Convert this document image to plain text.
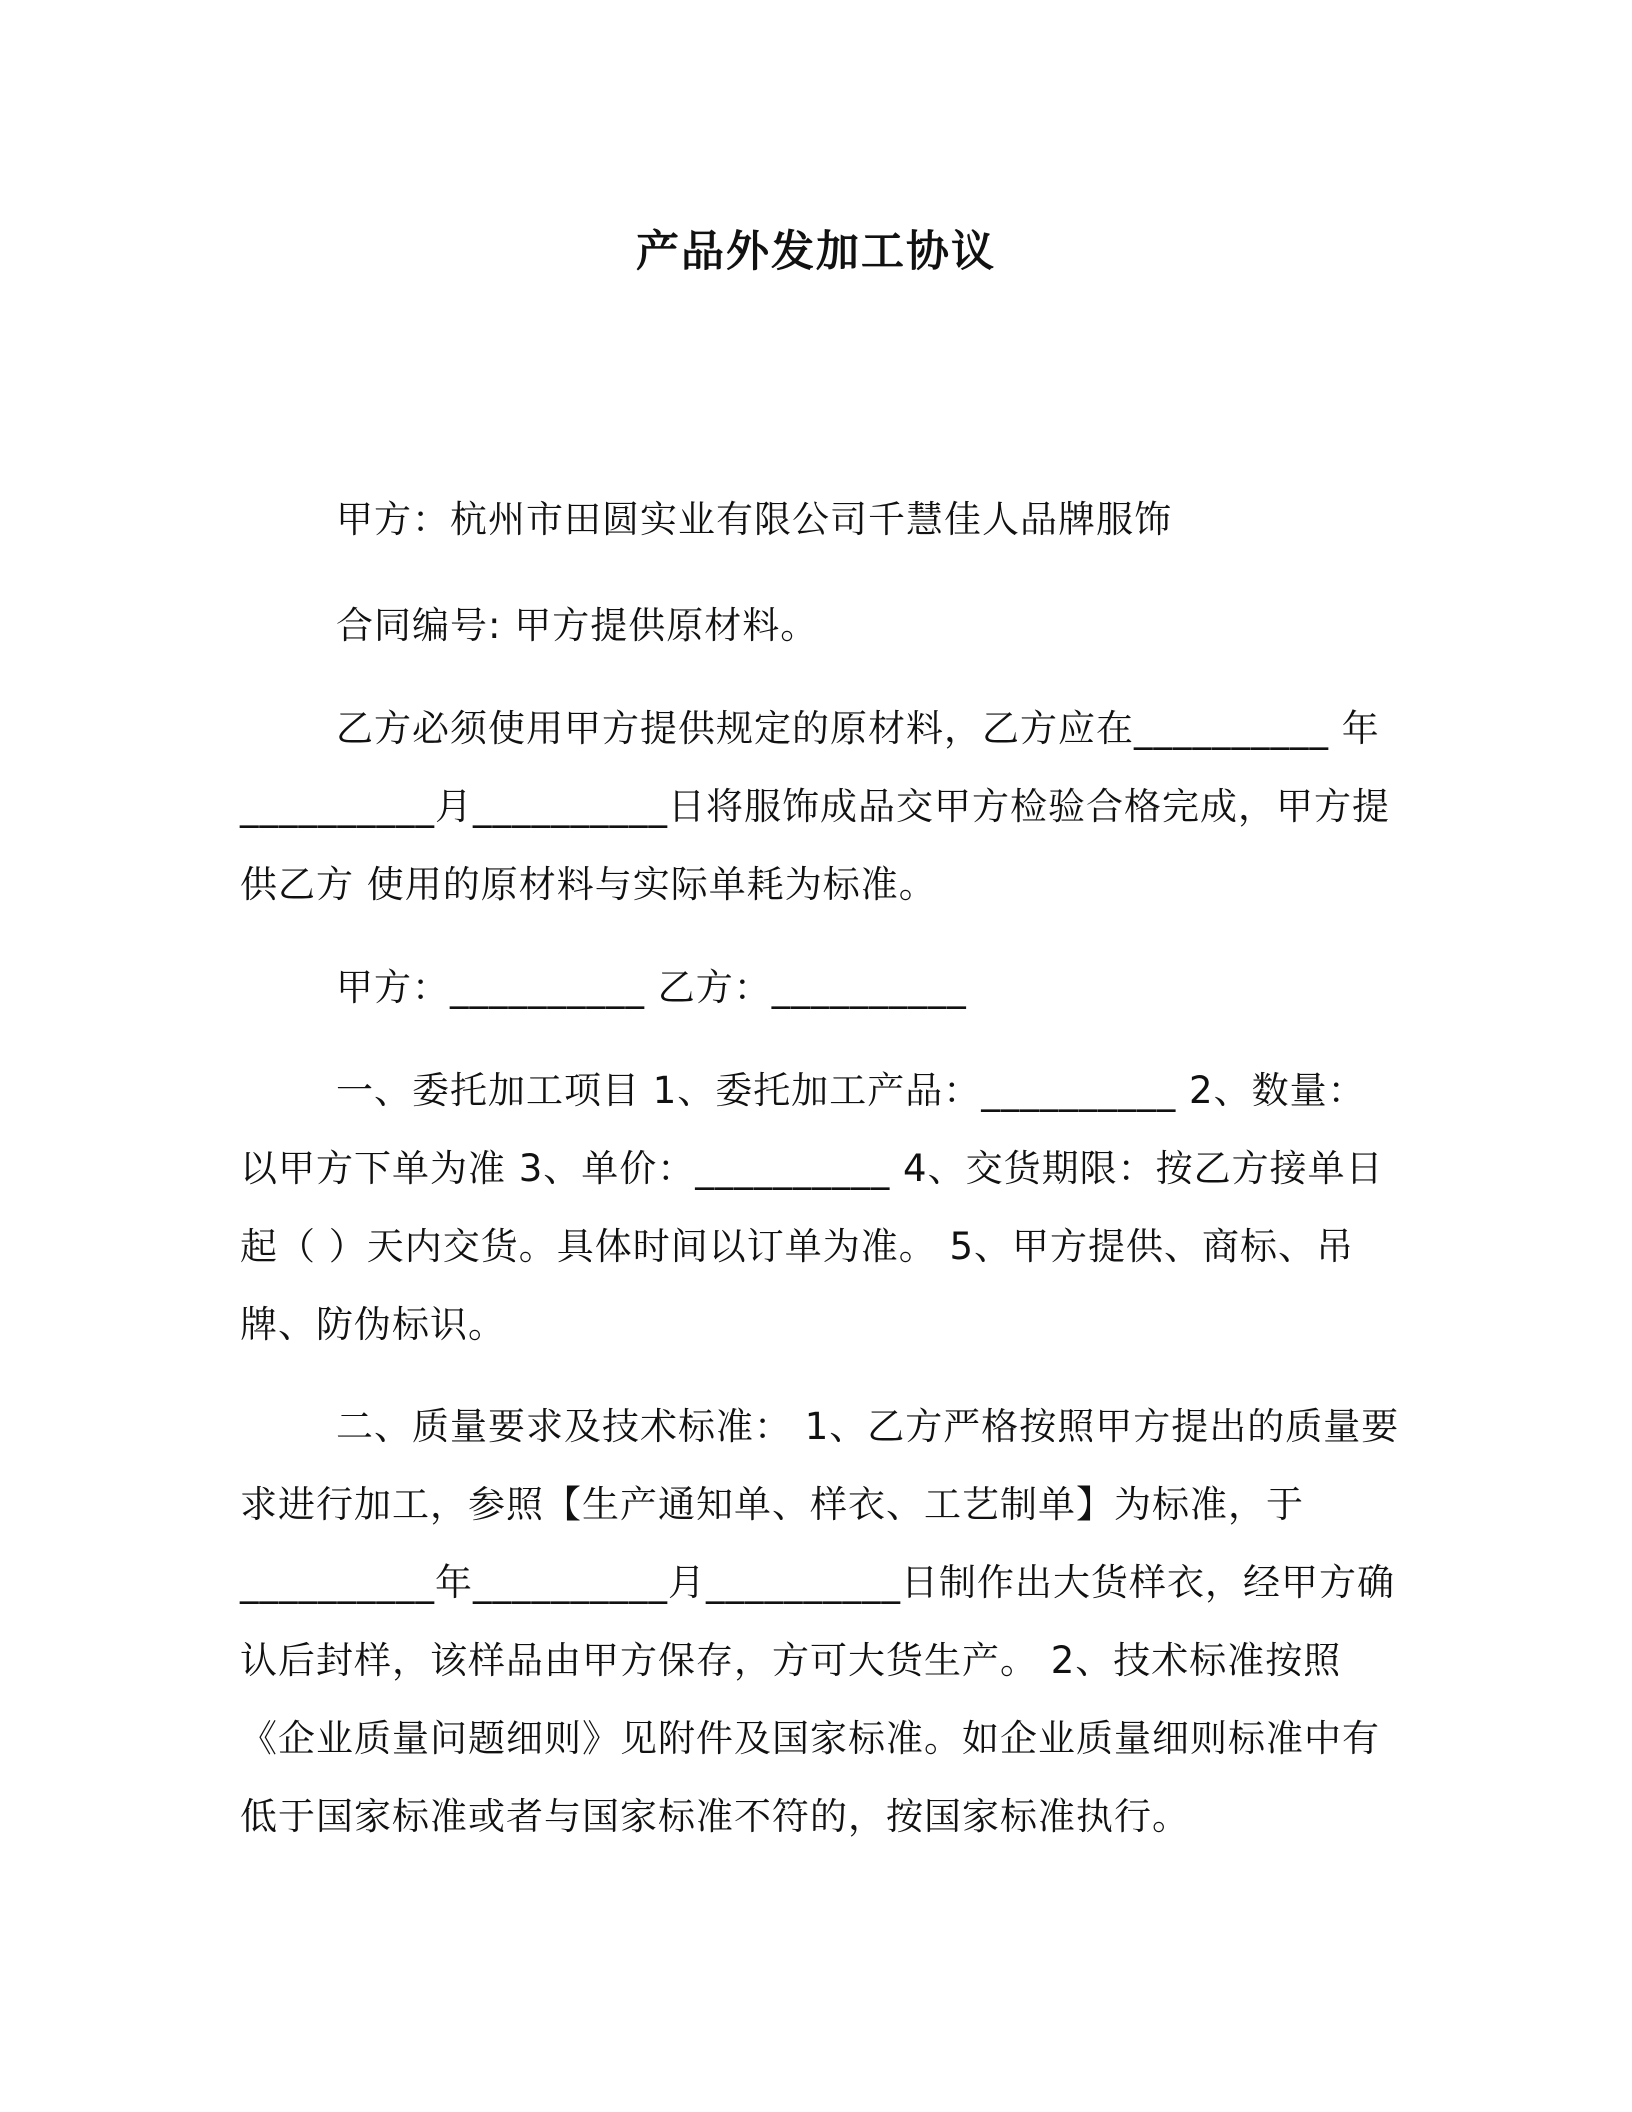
产品外发加工协议

甲方：杭州市田圆实业有限公司千慧佳人品牌服饰

合同编号: 甲方提供原材料。

乙方必须使用甲方提供规定的原材料，乙方应在__________ 年__________月__________日将服饰成品交甲方检验合格完成，甲方提供乙方 使用的原材料与实际单耗为标准。

甲方：__________ 乙方：__________

一、委托加工项目 1、委托加工产品：__________ 2、数量：以甲方下单为准 3、单价：__________ 4、交货期限：按乙方接单日起（ ）天内交货。具体时间以订单为准。 5、甲方提供、商标、吊牌、防伪标识。

二、质量要求及技术标准： 1、乙方严格按照甲方提出的质量要求进行加工，参照【生产通知单、样衣、工艺制单】为标准，于__________年__________月__________日制作出大货样衣，经甲方确认后封样，该样品由甲方保存，方可大货生产。 2、技术标准按照《企业质量问题细则》见附件及国家标准。如企业质量细则标准中有低于国家标准或者与国家标准不符的，按国家标准执行。
